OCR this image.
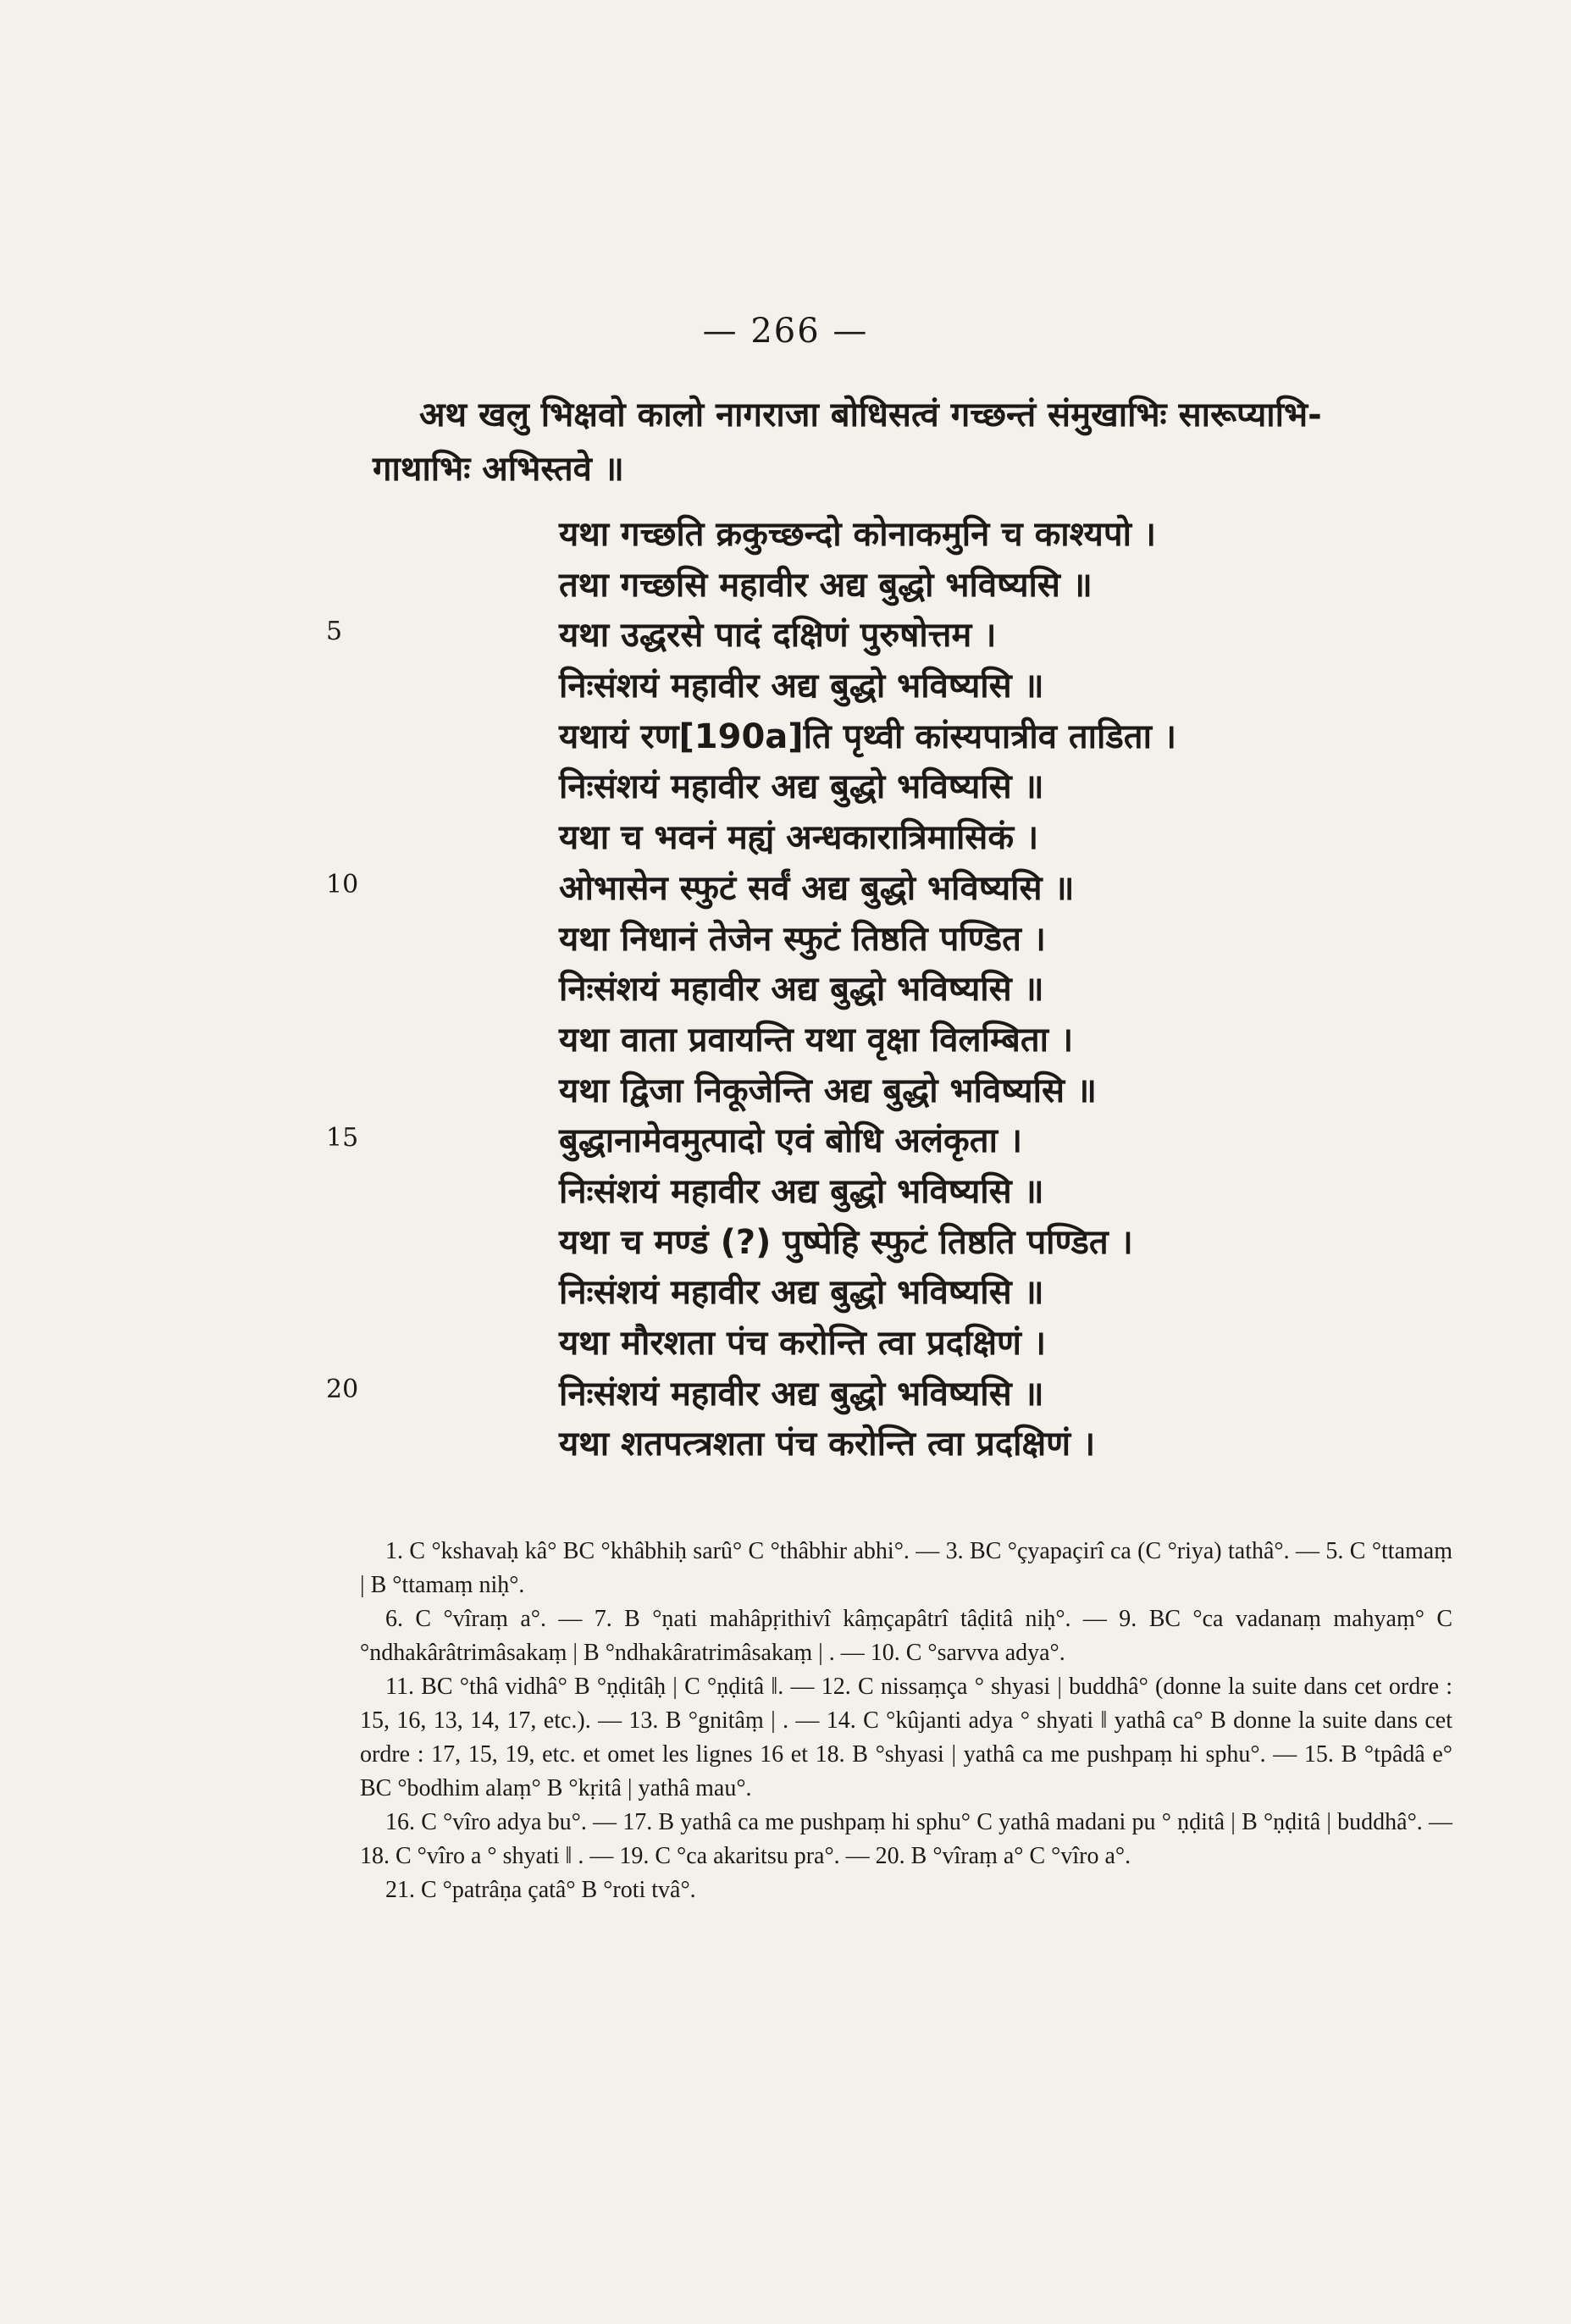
— 266 —
अथ खलु भिक्षवो कालो नागराजा बोधिसत्वं गच्छन्तं संमुखाभिः सारूप्याभि-
गाथाभिः अभिस्तवे ॥
5
10
15
20
यथा गच्छति क्रकुच्छन्दो कोनाकमुनि च काश्यपो ।
तथा गच्छसि महावीर अद्य बुद्धो भविष्यसि ॥
यथा उद्धरसे पादं दक्षिणं पुरुषोत्तम ।
निःसंशयं महावीर अद्य बुद्धो भविष्यसि ॥
यथायं रण[190a]ति पृथ्वी कांस्यपात्रीव ताडिता ।
निःसंशयं महावीर अद्य बुद्धो भविष्यसि ॥
यथा च भवनं मह्यं अन्धकारात्रिमासिकं ।
ओभासेन स्फुटं सर्वं अद्य बुद्धो भविष्यसि ॥
यथा निधानं तेजेन स्फुटं तिष्ठति पण्डित ।
निःसंशयं महावीर अद्य बुद्धो भविष्यसि ॥
यथा वाता प्रवायन्ति यथा वृक्षा विलम्बिता ।
यथा द्विजा निकूजेन्ति अद्य बुद्धो भविष्यसि ॥
बुद्धानामेवमुत्पादो एवं बोधि अलंकृता ।
निःसंशयं महावीर अद्य बुद्धो भविष्यसि ॥
यथा च मण्डं (?) पुष्पेहि स्फुटं तिष्ठति पण्डित ।
निःसंशयं महावीर अद्य बुद्धो भविष्यसि ॥
यथा मौरशता पंच करोन्ति त्वा प्रदक्षिणं ।
निःसंशयं महावीर अद्य बुद्धो भविष्यसि ॥
यथा शतपत्त्रशता पंच करोन्ति त्वा प्रदक्षिणं ।

1. C °kshavaḥ kâ° BC °khâbhiḥ sarû° C °thâbhir abhi°. — 3. BC °çyapaçirî ca (C °riya) tathâ°. — 5. C °ttamaṃ | B °ttamaṃ niḥ°.

6. C °vîraṃ a°. — 7. B °ṇati mahâpṛithivî kâṃçapâtrî tâḍitâ niḥ°. — 9. BC °ca vadanaṃ mahyaṃ° C °ndhakârâtrimâsakaṃ | B °ndhakâratrimâsakaṃ | . — 10. C °sarvva adya°.

11. BC °thâ vidhâ° B °ṇḍitâḥ | C °ṇḍitâ ‖. — 12. C nissaṃça ° shyasi | buddhâ° (donne la suite dans cet ordre : 15, 16, 13, 14, 17, etc.). — 13. B °gnitâṃ | . — 14. C °kûjanti adya ° shyati ‖ yathâ ca° B donne la suite dans cet ordre : 17, 15, 19, etc. et omet les lignes 16 et 18. B °shyasi | yathâ ca me pushpaṃ hi sphu°. — 15. B °tpâdâ e° BC °bodhim alaṃ° B °kṛitâ | yathâ mau°.

16. C °vîro adya bu°. — 17. B yathâ ca me pushpaṃ hi sphu° C yathâ madani pu ° ṇḍitâ | B °ṇḍitâ | buddhâ°. — 18. C °vîro a ° shyati ‖ . — 19. C °ca akaritsu pra°. — 20. B °vîraṃ a° C °vîro a°.

21. C °patrâṇa çatâ° B °roti tvâ°.
